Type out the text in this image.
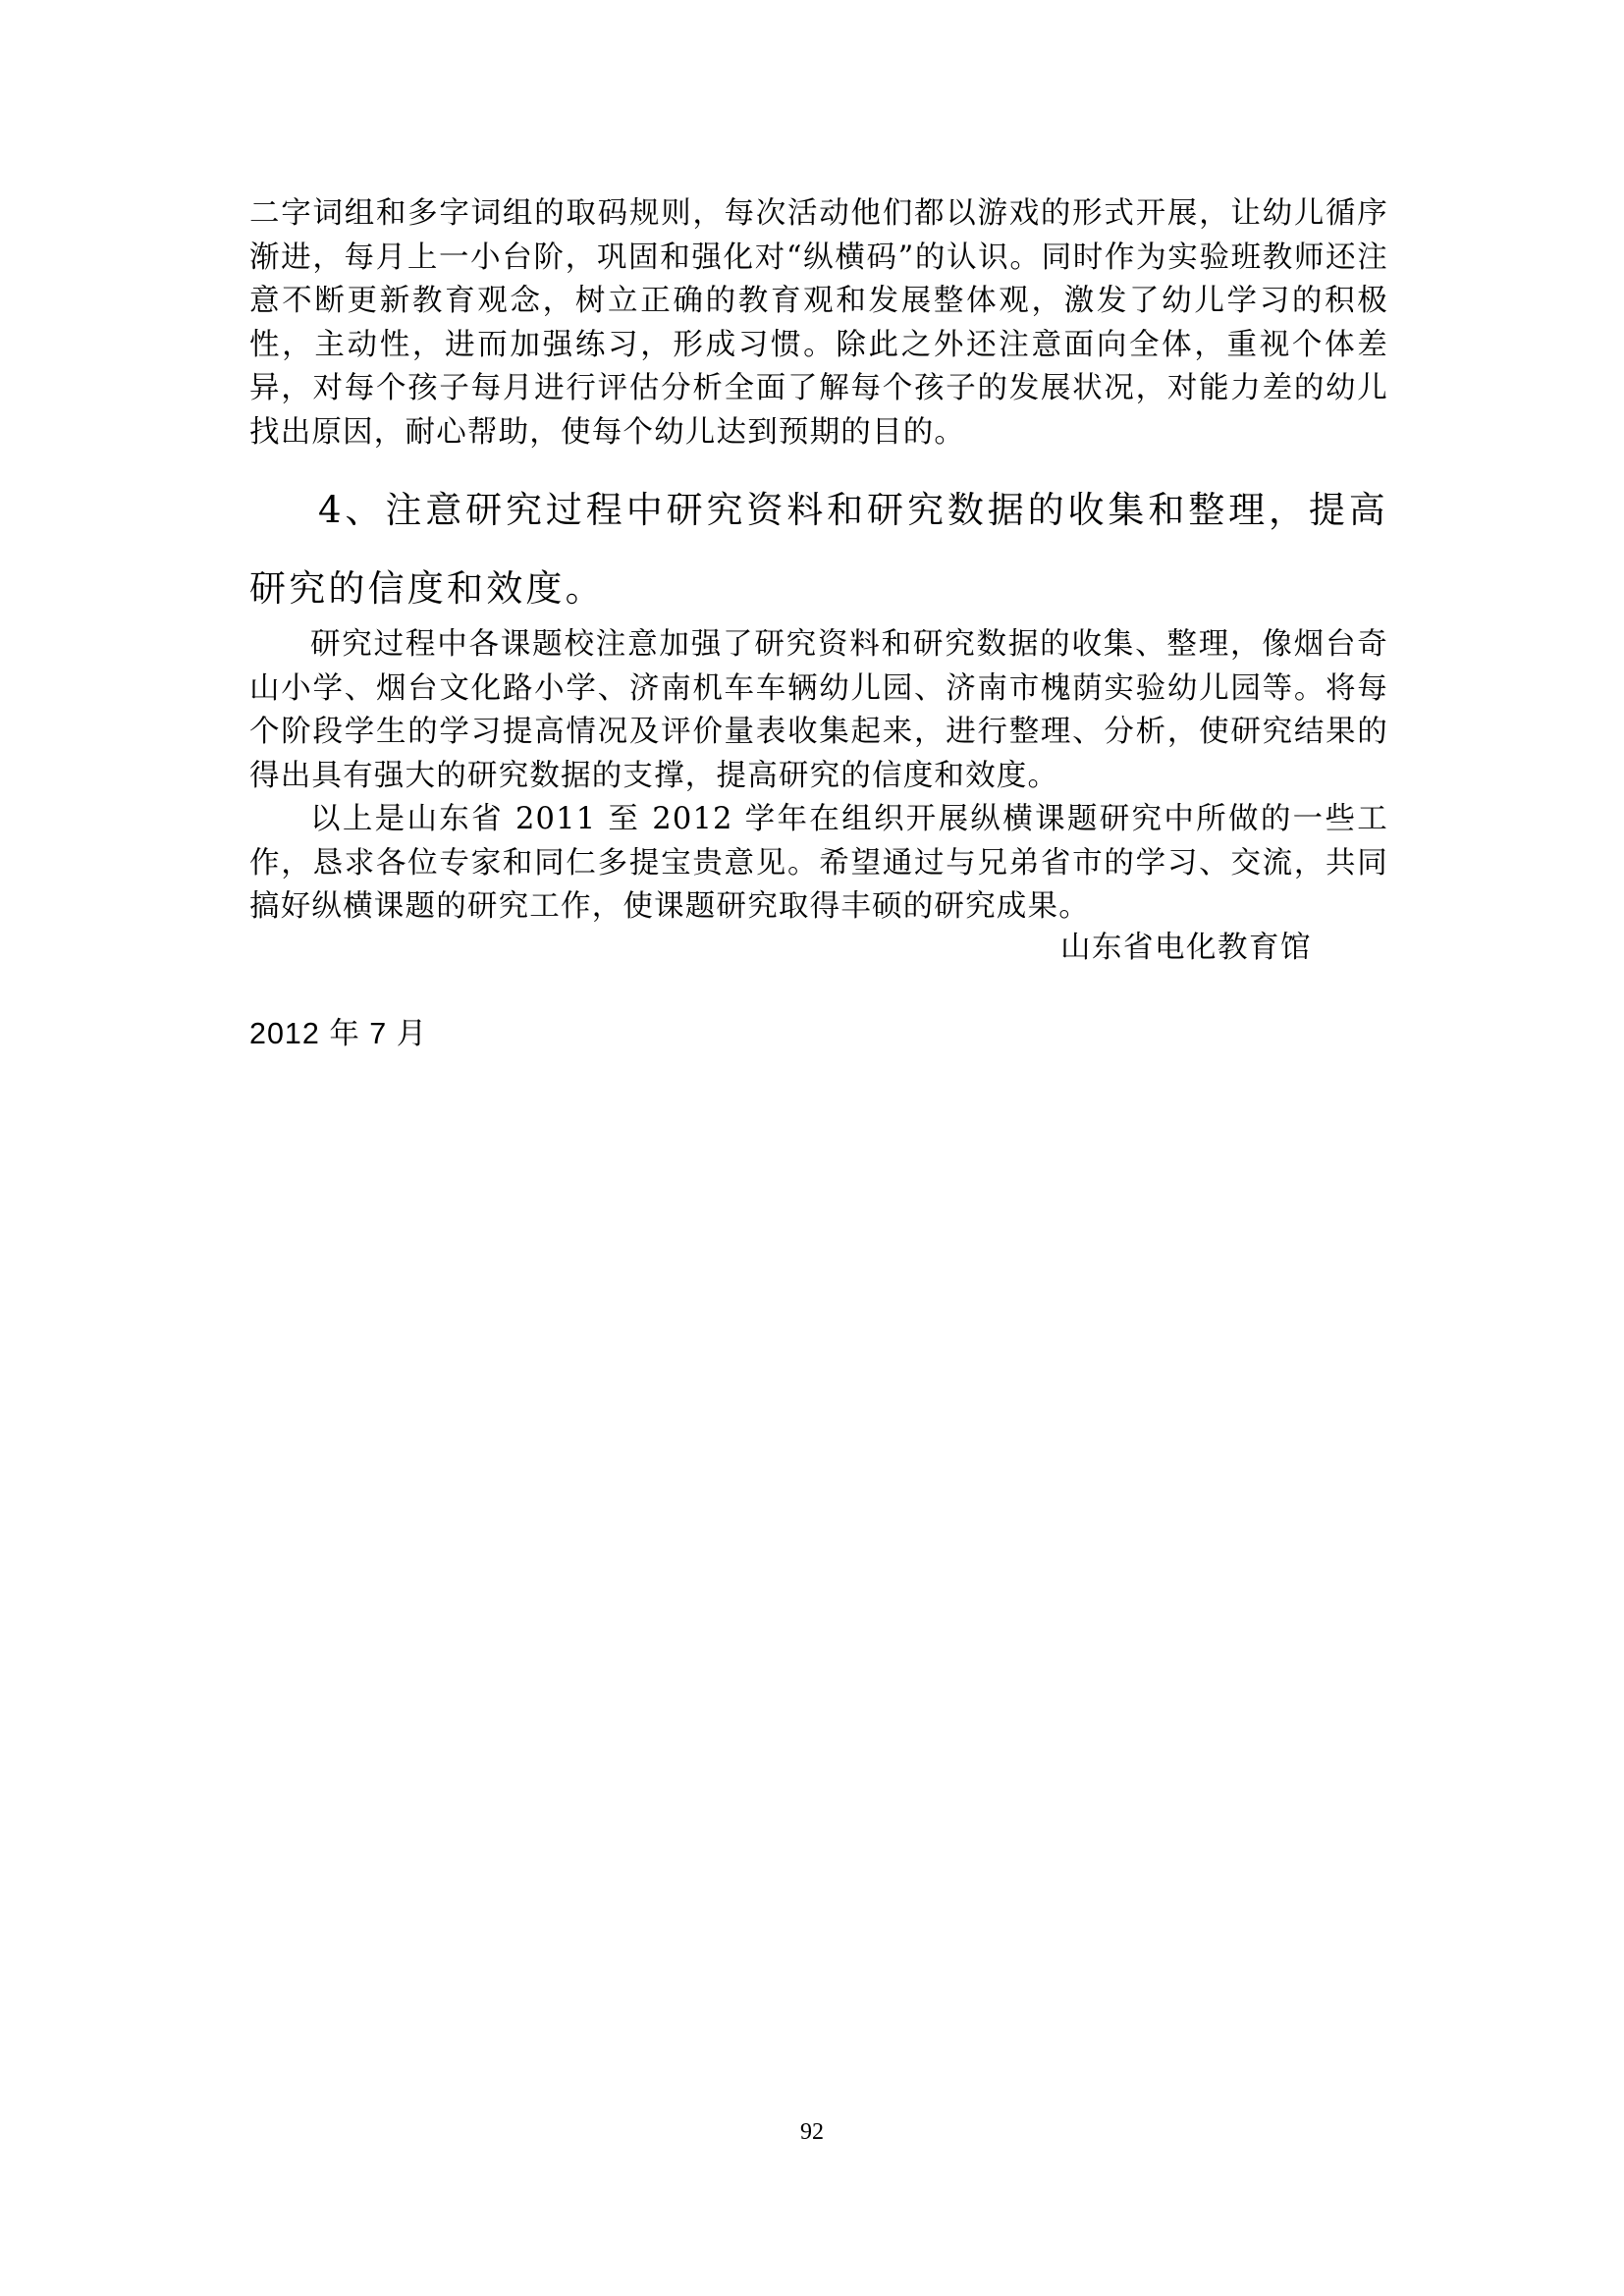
二字词组和多字词组的取码规则，每次活动他们都以游戏的形式开展，让幼儿循序渐进，每月上一小台阶，巩固和强化对“纵横码”的认识。同时作为实验班教师还注意不断更新教育观念，树立正确的教育观和发展整体观，激发了幼儿学习的积极性，主动性，进而加强练习，形成习惯。除此之外还注意面向全体，重视个体差异，对每个孩子每月进行评估分析全面了解每个孩子的发展状况，对能力差的幼儿找出原因，耐心帮助，使每个幼儿达到预期的目的。

4、注意研究过程中研究资料和研究数据的收集和整理，提高研究的信度和效度。

研究过程中各课题校注意加强了研究资料和研究数据的收集、整理，像烟台奇山小学、烟台文化路小学、济南机车车辆幼儿园、济南市槐荫实验幼儿园等。将每个阶段学生的学习提高情况及评价量表收集起来，进行整理、分析，使研究结果的得出具有强大的研究数据的支撑，提高研究的信度和效度。

以上是山东省 2011 至 2012 学年在组织开展纵横课题研究中所做的一些工作，恳求各位专家和同仁多提宝贵意见。希望通过与兄弟省市的学习、交流，共同搞好纵横课题的研究工作，使课题研究取得丰硕的研究成果。

山东省电化教育馆

2012 年 7 月

92
